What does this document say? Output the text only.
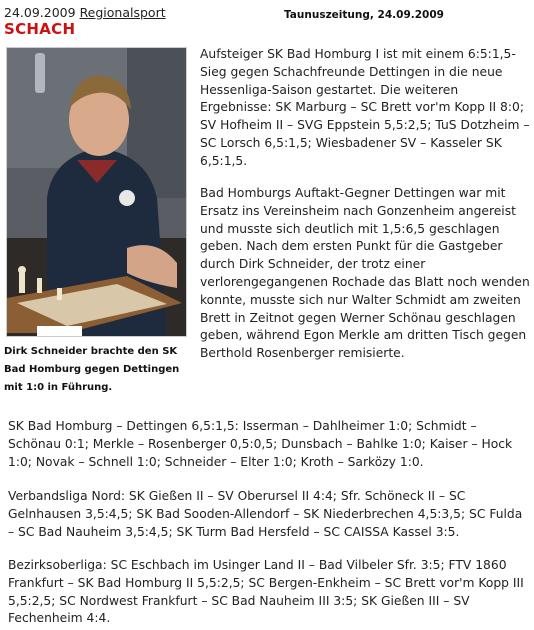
24.09.2009 Regionalsport	Taunuszeitung, 24.09.2009
SCHACH
Dirk Schneider brachte den SK Bad Homburg gegen Dettingen mit 1:0 in Führung.
Aufsteiger SK Bad Homburg I ist mit einem 6:5:1,5-Sieg gegen Schachfreunde Dettingen in die neue Hessenliga-Saison gestartet. Die weiteren Ergebnisse: SK Marburg – SC Brett vor'm Kopp II 8:0; SV Hofheim II – SVG Eppstein 5,5:2,5; TuS Dotzheim – SC Lorsch 6,5:1,5; Wiesbadener SV – Kasseler SK 6,5:1,5.
Bad Homburgs Auftakt-Gegner Dettingen war mit Ersatz ins Vereinsheim nach Gonzenheim angereist und musste sich deutlich mit 1,5:6,5 geschlagen geben. Nach dem ersten Punkt für die Gastgeber durch Dirk Schneider, der trotz einer verlorengegangenen Rochade das Blatt noch wenden konnte, musste sich nur Walter Schmidt am zweiten Brett in Zeitnot gegen Werner Schönau geschlagen geben, während Egon Merkle am dritten Tisch gegen Berthold Rosenberger remisierte.
SK Bad Homburg – Dettingen 6,5:1,5: Isserman – Dahlheimer 1:0; Schmidt – Schönau 0:1; Merkle – Rosenberger 0,5:0,5; Dunsbach – Bahlke 1:0; Kaiser – Hock 1:0; Novak – Schnell 1:0; Schneider – Elter 1:0; Kroth – Sarközy 1:0.
Verbandsliga Nord: SK Gießen II – SV Oberursel II 4:4; Sfr. Schöneck II – SC Gelnhausen 3,5:4,5; SK Bad Sooden-Allendorf – SK Niederbrechen 4,5:3,5; SC Fulda – SC Bad Nauheim 3,5:4,5; SK Turm Bad Hersfeld – SC CAISSA Kassel 3:5.
Bezirksoberliga: SC Eschbach im Usinger Land II – Bad Vilbeler Sfr. 3:5; FTV 1860 Frankfurt – SK Bad Homburg II 5,5:2,5; SC Bergen-Enkheim – SC Brett vor'm Kopp III 5,5:2,5; SC Nordwest Frankfurt – SC Bad Nauheim III 3:5; SK Gießen III – SV Fechenheim 4:4.
